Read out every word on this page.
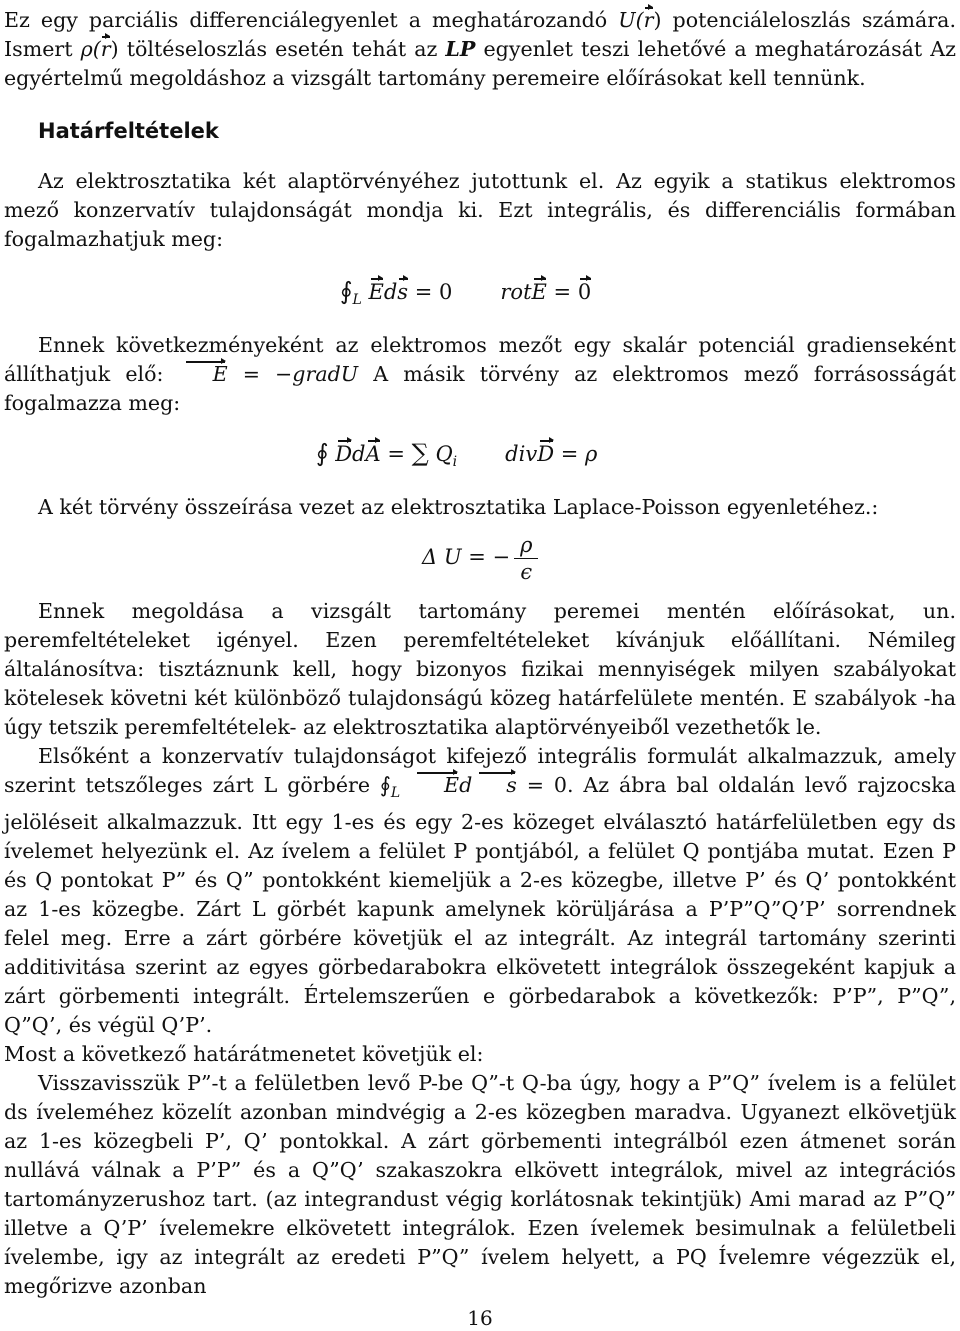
Ez egy parciális differenciálegyenlet a meghatározandó U(r) potenciáleloszlás számára. Ismert ρ(r) töltéseloszlás esetén tehát az LP egyenlet teszi lehetővé a meghatározását Az egyértelmű megoldáshoz a vizsgált tartomány peremeire előírásokat kell tennünk.

Határfeltételek

Az elektrosztatika két alaptörvényéhez jutottunk el. Az egyik a statikus elektromos mező konzervatív tulajdonságát mondja ki. Ezt integrális, és differenciális formában fogalmazhatjuk meg:

$∮_L$ Eds = 0 rotE = 0

Ennek következményeként az elektromos mezőt egy skalár potenciál gradienseként állíthatjuk elő: E = −gradU A másik törvény az elektromos mező forrásosságát fogalmazza meg:

∮ DdA = ∑ $Q_i$ divD = ρ

A két törvény összeírása vezet az elektrosztatika Laplace-Poisson egyenletéhez.:

Δ U = − $\frac{\rho}{\epsilon}$

Ennek megoldása a vizsgált tartomány peremei mentén előírásokat, un. peremfeltételeket igényel. Ezen peremfeltételeket kívánjuk előállítani. Némileg általánosítva: tisztáznunk kell, hogy bizonyos fizikai mennyiségek milyen szabályokat kötelesek követni két különböző tulajdonságú közeg határfelülete mentén. E szabályok -ha úgy tetszik peremfeltételek- az elektrosztatika alaptörvényeiből vezethetők le.

Elsőként a konzervatív tulajdonságot kifejező integrális formulát alkalmazzuk, amely szerint tetszőleges zárt L görbére $∮_L$ Ed s = 0. Az ábra bal oldalán levő rajzocska jelöléseit alkalmazzuk. Itt egy 1-es és egy 2-es közeget elválasztó határfelületben egy ds ívelemet helyezünk el. Az ívelem a felület P pontjából, a felület Q pontjába mutat. Ezen P és Q pontokat P” és Q” pontokként kiemeljük a 2-es közegbe, illetve P’ és Q’ pontokként az 1-es közegbe. Zárt L görbét kapunk amelynek körüljárása a P’P”Q”Q’P’ sorrendnek felel meg. Erre a zárt görbére követjük el az integrált. Az integrál tartomány szerinti additivitása szerint az egyes görbedarabokra elkövetett integrálok összegeként kapjuk a zárt görbementi integrált. Értelemszerűen e görbedarabok a következők: P’P”, P”Q”, Q”Q’, és végül Q’P’.

Most a következő határátmenetet követjük el:

Visszavisszük P”-t a felületben levő P-be Q”-t Q-ba úgy, hogy a P”Q” ívelem is a felület ds íveleméhez közelít azonban mindvégig a 2-es közegben maradva. Ugyanezt elkövetjük az 1-es közegbeli P’, Q’ pontokkal. A zárt görbementi integrálból ezen átmenet során nullává válnak a P’P” és a Q”Q’ szakaszokra elkövett integrálok, mivel az integrációs tartományzerushoz tart. (az integrandust végig korlátosnak tekintjük) Ami marad az P”Q” illetve a Q’P’ ívelemekre elkövetett integrálok. Ezen ívelemek besimulnak a felületbeli ívelembe, igy az integrált az eredeti P”Q” ívelem helyett, a PQ Ívelemre végezzük el, megőrizve azonban

16
